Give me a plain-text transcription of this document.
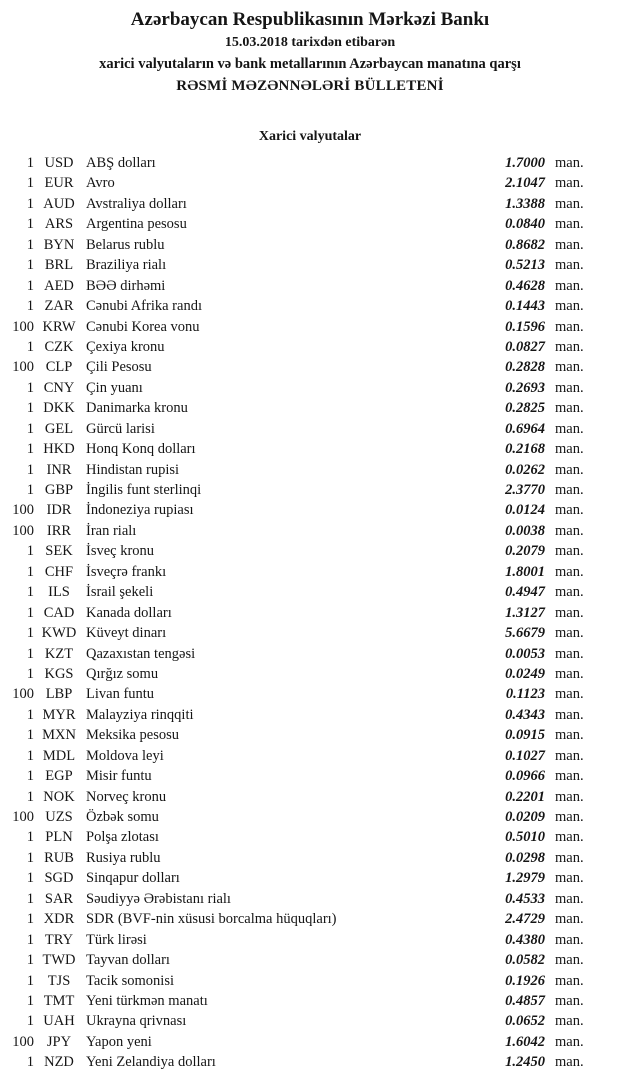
Azərbaycan Respublikasının Mərkəzi Bankı
15.03.2018 tarixdən etibarən
xarici valyutaların və bank metallarının Azərbaycan manatına qarşı
RƏSMİ MƏZƏNNƏLƏRİ BÜLLETENİ
Xarici valyutalar
1 USD ABŞ dolları	1.7000 man.
1 EUR Avro	2.1047 man.
1 AUD Avstraliya dolları	1.3388 man.
1 ARS Argentina pesosu	0.0840 man.
1 BYN Belarus rublu	0.8682 man.
1 BRL Braziliya rialı	0.5213 man.
1 AED BƏƏ dirhəmi	0.4628 man.
1 ZAR Cənubi Afrika randı	0.1443 man.
100 KRW Cənubi Korea vonu	0.1596 man.
1 CZK Çexiya kronu	0.0827 man.
100 CLP Çili Pesosu	0.2828 man.
1 CNY Çin yuanı	0.2693 man.
1 DKK Danimarka kronu	0.2825 man.
1 GEL Gürcü larisi	0.6964 man.
1 HKD Honq Konq dolları	0.2168 man.
1 INR	Hindistan rupisi	0.0262 man.
1 GBP İngilis funt sterlinqi	2.3770 man.
100 IDR	İndoneziya rupiası	0.0124 man.
100 IRR	İran rialı	0.0038 man.
1 SEK İsveç kronu	0.2079 man.
1 CHF İsveçrə frankı	1.8001 man.
1 ILS	İsrail şekeli	0.4947 man.
1 CAD Kanada dolları	1.3127 man.
1 KWD Küveyt dinarı	5.6679 man.
1 KZT Qazaxıstan tengəsi	0.0053 man.
1 KGS Qırğız somu	0.0249 man.
100 LBP Livan funtu	0.1123 man.
1 MYR Malayziya rinqqiti	0.4343 man.
1 MXN Meksika pesosu	0.0915 man.
1 MDL Moldova leyi	0.1027 man.
1 EGP Misir funtu	0.0966 man.
1 NOK Norveç kronu	0.2201 man.
100 UZS Özbək somu	0.0209 man.
1 PLN Polşa zlotası	0.5010 man.
1 RUB Rusiya rublu	0.0298 man.
1 SGD Sinqapur dolları	1.2979 man.
1 SAR Səudiyyə Ərəbistanı rialı	0.4533 man.
1 XDR SDR (BVF-nin xüsusi borcalma hüquqları)	2.4729 man.
1 TRY Türk lirəsi	0.4380 man.
1 TWD Tayvan dolları	0.0582 man.
1 TJS	Tacik somonisi	0.1926 man.
1 TMT Yeni türkmən manatı	0.4857 man.
1 UAH Ukrayna qrivnası	0.0652 man.
100 JPY	Yapon yeni	1.6042 man.
1 NZD Yeni Zelandiya dolları	1.2450 man.
